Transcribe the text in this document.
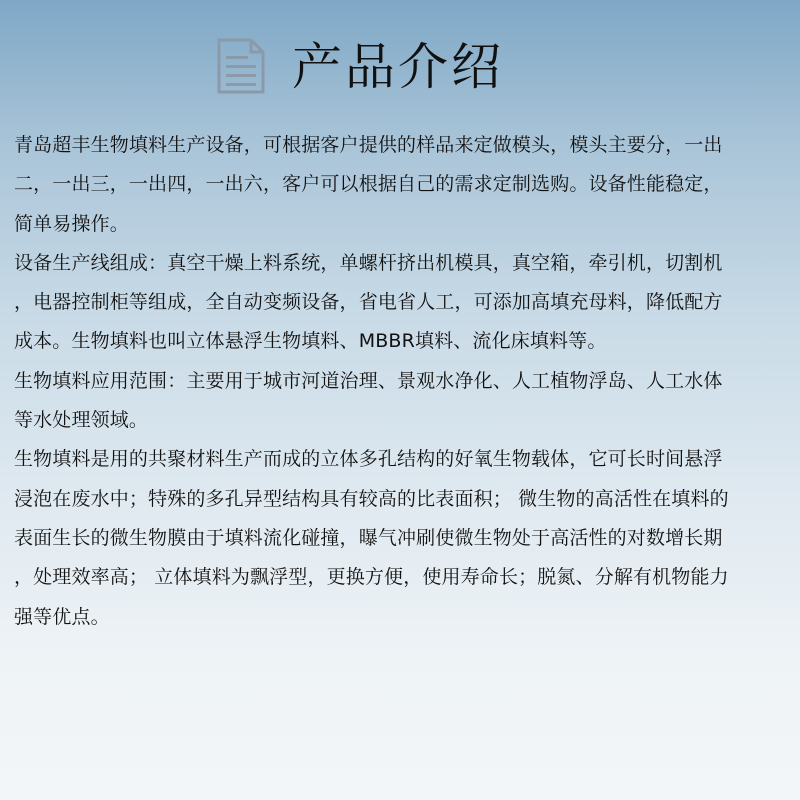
产品介绍

青岛超丰生物填料生产设备，可根据客户提供的样品来定做模头，模头主要分，一出
二，一出三，一出四，一出六，客户可以根据自己的需求定制选购。设备性能稳定，
简单易操作。

设备生产线组成：真空干燥上料系统，单螺杆挤出机模具，真空箱，牵引机，切割机
，电器控制柜等组成，全自动变频设备，省电省人工，可添加高填充母料，降低配方
成本。生物填料也叫立体悬浮生物填料、MBBR填料、流化床填料等。

生物填料应用范围：主要用于城市河道治理、景观水净化、人工植物浮岛、人工水体
等水处理领域。

生物填料是用的共聚材料生产而成的立体多孔结构的好氧生物载体，它可长时间悬浮
浸泡在废水中；特殊的多孔异型结构具有较高的比表面积； 微生物的高活性在填料的
表面生长的微生物膜由于填料流化碰撞，曝气冲刷使微生物处于高活性的对数增长期
，处理效率高； 立体填料为飘浮型，更换方便，使用寿命长；脱氮、分解有机物能力
强等优点。
